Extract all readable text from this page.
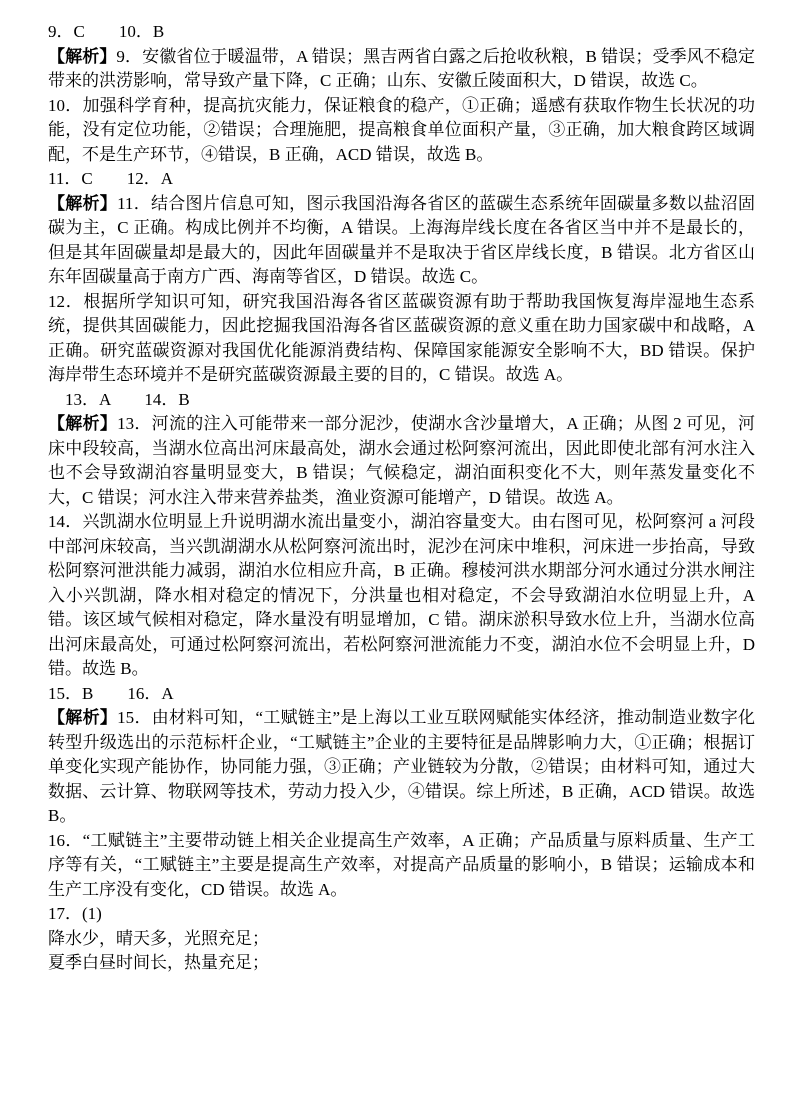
9．C　　10．B

【解析】9．安徽省位于暖温带，A 错误；黑吉两省白露之后抢收秋粮，B 错误；受季风不稳定带来的洪涝影响，常导致产量下降，C 正确；山东、安徽丘陵面积大，D 错误，故选 C。

10．加强科学育种，提高抗灾能力，保证粮食的稳产，①正确；遥感有获取作物生长状况的功能，没有定位功能，②错误；合理施肥，提高粮食单位面积产量，③正确，加大粮食跨区域调配，不是生产环节，④错误，B 正确，ACD 错误，故选 B。

11．C　　12．A

【解析】11．结合图片信息可知，图示我国沿海各省区的蓝碳生态系统年固碳量多数以盐沼固碳为主，C 正确。构成比例并不均衡，A 错误。上海海岸线长度在各省区当中并不是最长的，但是其年固碳量却是最大的，因此年固碳量并不是取决于省区岸线长度，B 错误。北方省区山东年固碳量高于南方广西、海南等省区，D 错误。故选 C。

12．根据所学知识可知，研究我国沿海各省区蓝碳资源有助于帮助我国恢复海岸湿地生态系统，提供其固碳能力，因此挖掘我国沿海各省区蓝碳资源的意义重在助力国家碳中和战略，A 正确。研究蓝碳资源对我国优化能源消费结构、保障国家能源安全影响不大，BD 错误。保护海岸带生态环境并不是研究蓝碳资源最主要的目的，C 错误。故选 A。

13．A　　14．B

【解析】13．河流的注入可能带来一部分泥沙，使湖水含沙量增大，A 正确；从图 2 可见，河床中段较高，当湖水位高出河床最高处，湖水会通过松阿察河流出，因此即使北部有河水注入也不会导致湖泊容量明显变大，B 错误；气候稳定，湖泊面积变化不大，则年蒸发量变化不大，C 错误；河水注入带来营养盐类，渔业资源可能增产，D 错误。故选 A。

14．兴凯湖水位明显上升说明湖水流出量变小，湖泊容量变大。由右图可见，松阿察河 a 河段中部河床较高，当兴凯湖湖水从松阿察河流出时，泥沙在河床中堆积，河床进一步抬高，导致松阿察河泄洪能力减弱，湖泊水位相应升高，B 正确。穆棱河洪水期部分河水通过分洪水闸注入小兴凯湖，降水相对稳定的情况下，分洪量也相对稳定，不会导致湖泊水位明显上升，A 错。该区域气候相对稳定，降水量没有明显增加，C 错。湖床淤积导致水位上升，当湖水位高出河床最高处，可通过松阿察河流出，若松阿察河泄流能力不变，湖泊水位不会明显上升，D 错。故选 B。

15．B　　16．A

【解析】15．由材料可知，“工赋链主”是上海以工业互联网赋能实体经济，推动制造业数字化转型升级选出的示范标杆企业，“工赋链主”企业的主要特征是品牌影响力大，①正确；根据订单变化实现产能协作，协同能力强，③正确；产业链较为分散，②错误；由材料可知，通过大数据、云计算、物联网等技术，劳动力投入少，④错误。综上所述，B 正确，ACD 错误。故选 B。

16．“工赋链主”主要带动链上相关企业提高生产效率，A 正确；产品质量与原料质量、生产工序等有关，“工赋链主”主要是提高生产效率，对提高产品质量的影响小，B 错误；运输成本和生产工序没有变化，CD 错误。故选 A。

17．(1)

降水少，晴天多，光照充足；

夏季白昼时间长，热量充足；
